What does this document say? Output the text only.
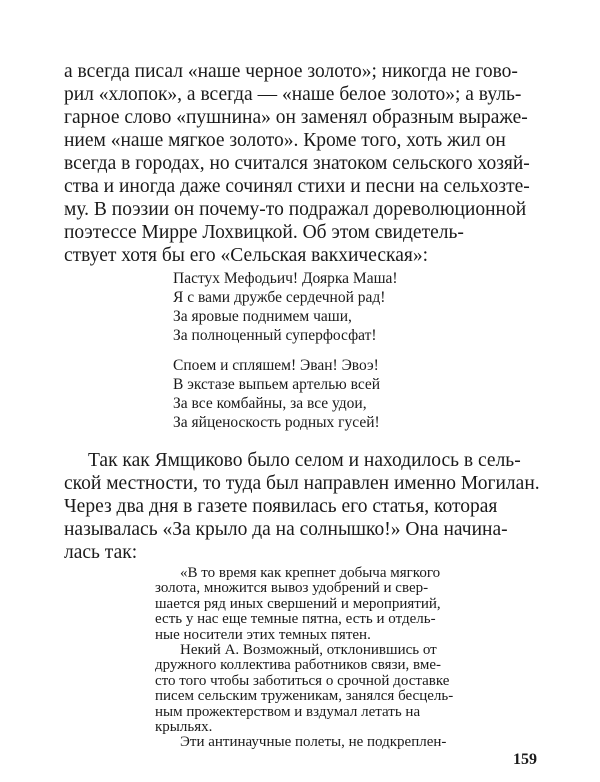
а всегда писал «наше черное золото»; никогда не гово-
рил «хлопок», а всегда — «наше белое золото»; а вуль-
гарное слово «пушнина» он заменял образным выраже-
нием «наше мягкое золото». Кроме того, хоть жил он
всегда в городах, но считался знатоком сельского хозяй-
ства и иногда даже сочинял стихи и песни на сельхозте-
му. В поэзии он почему-то подражал дореволюционной
поэтессе Мирре Лохвицкой. Об этом свидетель-
ствует хотя бы его «Сельская вакхическая»:
Пастух Мефодьич! Доярка Маша!
Я с вами дружбе сердечной рад!
За яровые поднимем чаши,
За полноценный суперфосфат!
Споем и спляшем! Эван! Эвоэ!
В экстазе выпьем артелью всей
За все комбайны, за все удои,
За яйценоскость родных гусей!
Так как Ямщиково было селом и находилось в сель-
ской местности, то туда был направлен именно Могилан.
Через два дня в газете появилась его статья, которая
называлась «За крыло да на солнышко!» Она начина-
лась так:
«В то время как крепнет добыча мягкого
золота, множится вывоз удобрений и свер-
шается ряд иных свершений и мероприятий,
есть у нас еще темные пятна, есть и отдель-
ные носители этих темных пятен.
Некий А. Возможный, отклонившись от
дружного коллектива работников связи, вме-
сто того чтобы заботиться о срочной доставке
писем сельским труженикам, занялся бесцель-
ным прожектерством и вздумал летать на
крыльях.
Эти антинаучные полеты, не подкреплен-
159
